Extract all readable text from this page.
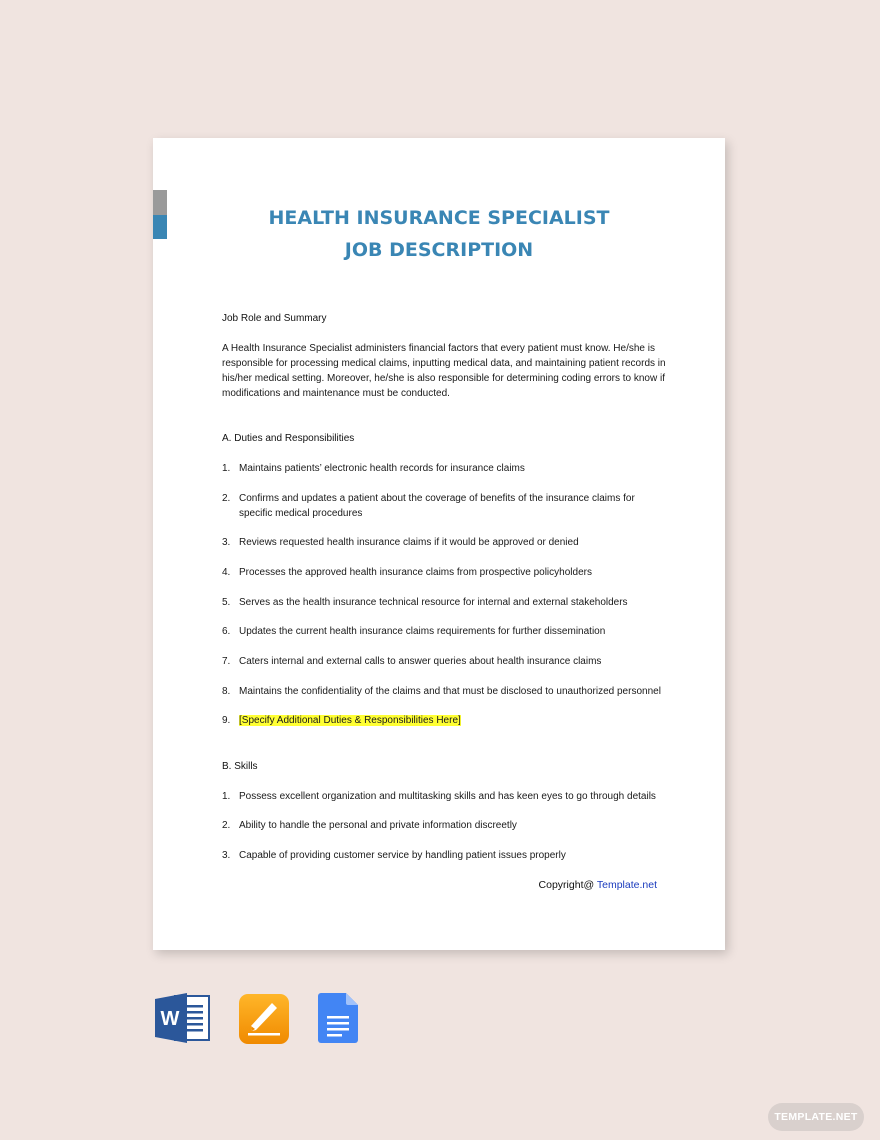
HEALTH INSURANCE SPECIALIST
JOB DESCRIPTION
Job Role and Summary
A Health Insurance Specialist administers financial factors that every patient must know. He/she is responsible for processing medical claims, inputting medical data, and maintaining patient records in his/her medical setting. Moreover, he/she is also responsible for determining coding errors to know if modifications and maintenance must be conducted.
A. Duties and Responsibilities
1. Maintains patients’ electronic health records for insurance claims
2. Confirms and updates a patient about the coverage of benefits of the insurance claims for specific medical procedures
3. Reviews requested health insurance claims if it would be approved or denied
4. Processes the approved health insurance claims from prospective policyholders
5. Serves as the health insurance technical resource for internal and external stakeholders
6. Updates the current health insurance claims requirements for further dissemination
7. Caters internal and external calls to answer queries about health insurance claims
8. Maintains the confidentiality of the claims and that must be disclosed to unauthorized personnel
9. [Specify Additional Duties & Responsibilities Here]
B. Skills
1. Possess excellent organization and multitasking skills and has keen eyes to go through details
2. Ability to handle the personal and private information discreetly
3. Capable of providing customer service by handling patient issues properly
Copyright@ Template.net
W
TEMPLATE.NET
